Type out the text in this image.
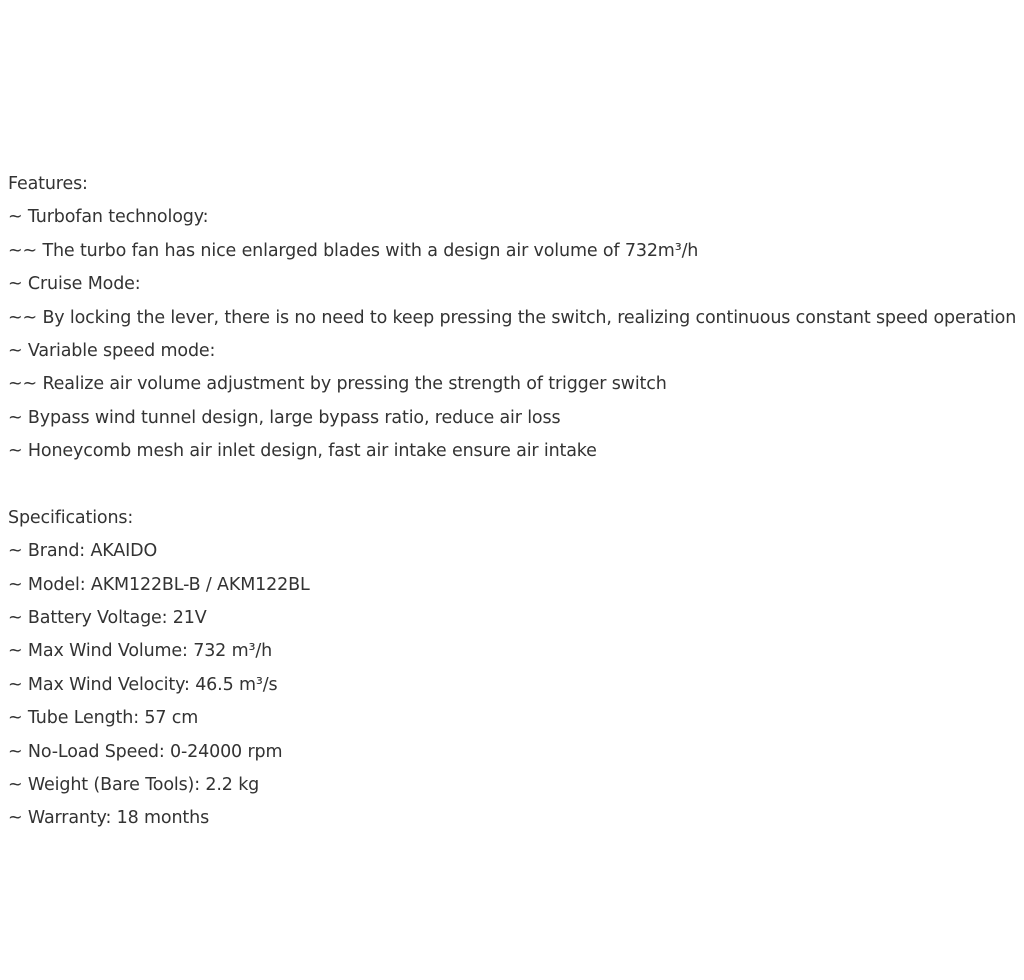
Features:
~ Turbofan technology:
~~ The turbo fan has nice enlarged blades with a design air volume of 732m³/h
~ Cruise Mode:
~~ By locking the lever, there is no need to keep pressing the switch, realizing continuous constant speed operation
~ Variable speed mode:
~~ Realize air volume adjustment by pressing the strength of trigger switch
~ Bypass wind tunnel design, large bypass ratio, reduce air loss
~ Honeycomb mesh air inlet design, fast air intake ensure air intake
Specifications:
~ Brand: AKAIDO
~ Model: AKM122BL-B / AKM122BL
~ Battery Voltage: 21V
~ Max Wind Volume: 732 m³/h
~ Max Wind Velocity: 46.5 m³/s
~ Tube Length: 57 cm
~ No-Load Speed: 0-24000 rpm
~ Weight (Bare Tools): 2.2 kg
~ Warranty: 18 months
